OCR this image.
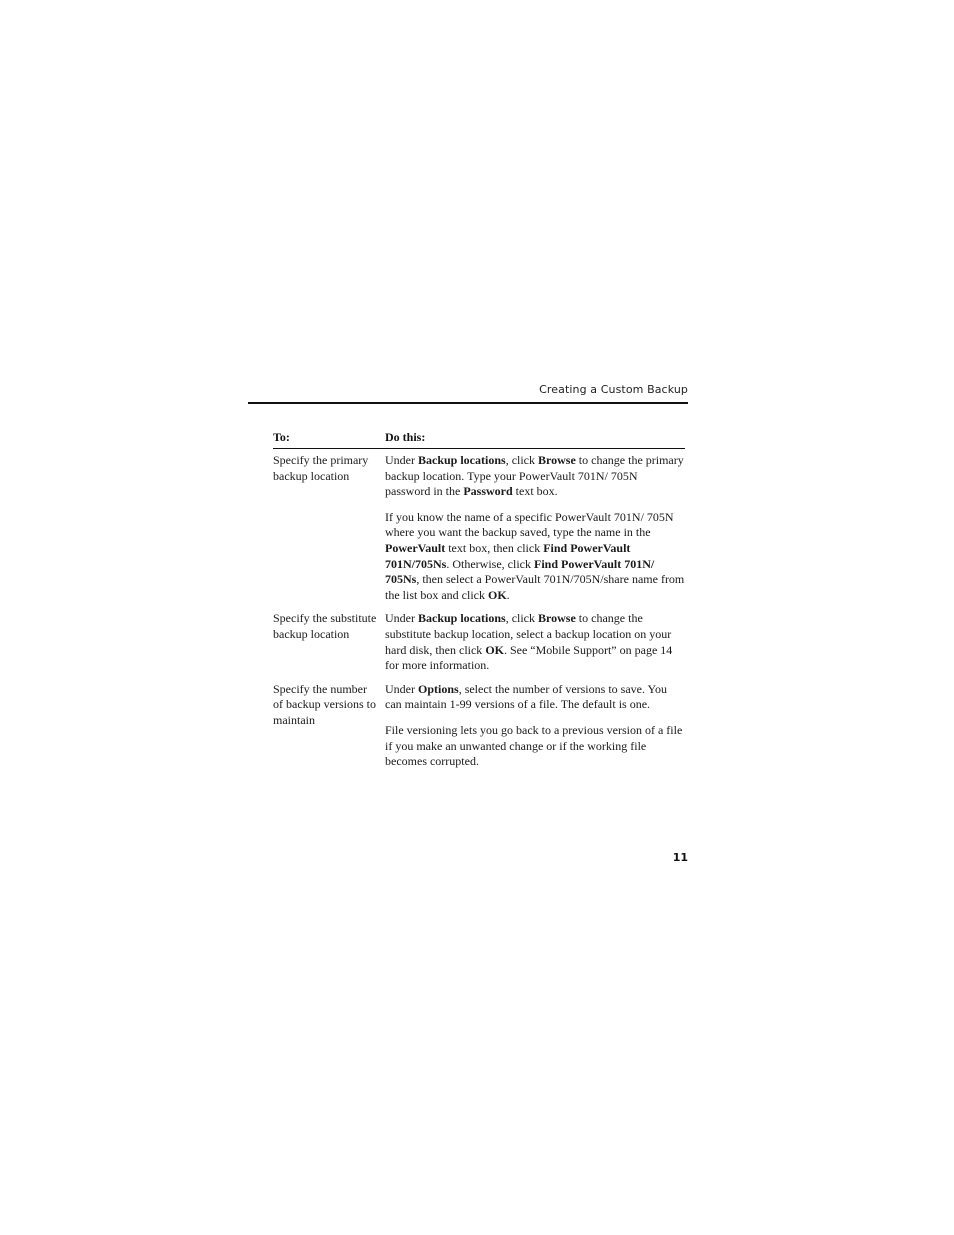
Creating a Custom Backup
To:	Do this:
Specify the primary backup location

Under Backup locations, click Browse to change the primary backup location. Type your PowerVault 701N/ 705N password in the Password text box.

If you know the name of a specific PowerVault 701N/ 705N where you want the backup saved, type the name in the PowerVault text box, then click Find PowerVault 701N/705Ns. Otherwise, click Find PowerVault 701N/ 705Ns, then select a PowerVault 701N/705N/share name from the list box and click OK.

Specify the substitute backup location

Under Backup locations, click Browse to change the substitute backup location, select a backup location on your hard disk, then click OK. See “Mobile Support” on page 14 for more information.

Specify the number of backup versions to maintain

Under Options, select the number of versions to save. You can maintain 1-99 versions of a file. The default is one.

File versioning lets you go back to a previous version of a file if you make an unwanted change or if the working file becomes corrupted.

11
